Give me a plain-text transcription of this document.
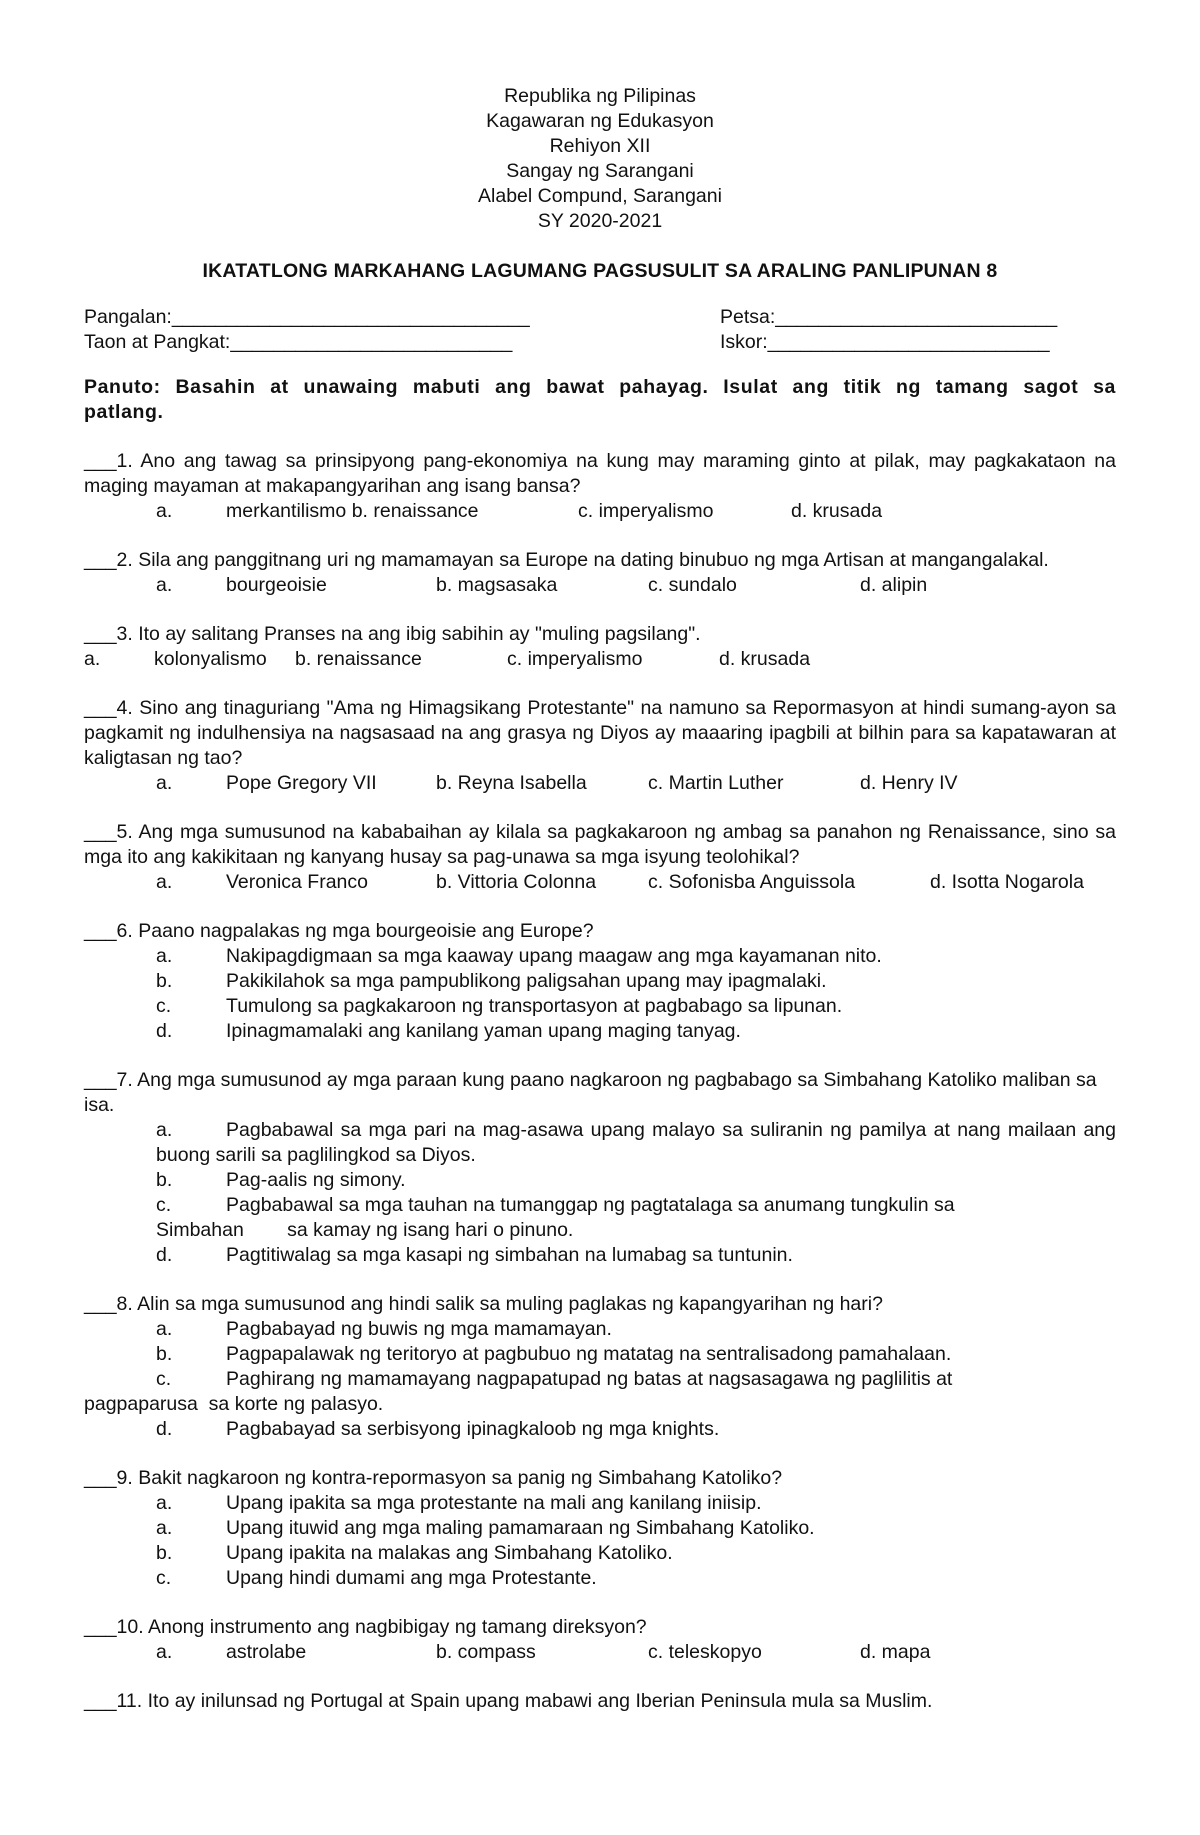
Republika ng Pilipinas
Kagawaran ng Edukasyon
Rehiyon XII
Sangay ng Sarangani
Alabel Compund, Sarangani
SY 2020-2021
IKATATLONG MARKAHANG LAGUMANG PAGSUSULIT SA ARALING PANLIPUNAN 8
Pangalan:_________________________________	Petsa:__________________________
Taon at Pangkat:__________________________	Iskor:__________________________
Panuto: Basahin at unawaing mabuti ang bawat pahayag. Isulat ang titik ng tamang sagot sa patlang.
___1. Ano ang tawag sa prinsipyong pang-ekonomiya na kung may maraming ginto at pilak, may pagkakataon na maging mayaman at makapangyarihan ang isang bansa?
a.	merkantilismo b. renaissance	c. imperyalismo	d. krusada
___2. Sila ang panggitnang uri ng mamamayan sa Europe na dating binubuo ng mga Artisan at mangangalakal.
a.	bourgeoisie	b. magsasaka	c. sundalo	d. alipin
___3. Ito ay salitang Pranses na ang ibig sabihin ay "muling pagsilang".
a.	kolonyalismo b. renaissance	c. imperyalismo	d. krusada
___4. Sino ang tinaguriang "Ama ng Himagsikang Protestante" na namuno sa Repormasyon at hindi sumang-ayon sa pagkamit ng indulhensiya na nagsasaad na ang grasya ng Diyos ay maaaring ipagbili at bilhin para sa kapatawaran at kaligtasan ng tao?
a.	Pope Gregory VII	b. Reyna Isabella	c. Martin Luther	d. Henry IV
___5. Ang mga sumusunod na kababaihan ay kilala sa pagkakaroon ng ambag sa panahon ng Renaissance, sino sa mga ito ang kakikitaan ng kanyang husay sa pag-unawa sa mga isyung teolohikal?
a.	Veronica Franco	b. Vittoria Colonna	c. Sofonisba Anguissola	d. Isotta Nogarola
___6. Paano nagpalakas ng mga bourgeoisie ang Europe?
a.	Nakipagdigmaan sa mga kaaway upang maagaw ang mga kayamanan nito.
b.	Pakikilahok sa mga pampublikong paligsahan upang may ipagmalaki.
c.	Tumulong sa pagkakaroon ng transportasyon at pagbabago sa lipunan.
d.	Ipinagmamalaki ang kanilang yaman upang maging tanyag.
___7. Ang mga sumusunod ay mga paraan kung paano nagkaroon ng pagbabago sa Simbahang Katoliko maliban sa isa.
a.	Pagbabawal sa mga pari na mag-asawa upang malayo sa suliranin ng pamilya at nang mailaan ang buong sarili sa paglilingkod sa Diyos.
b.	Pag-aalis ng simony.
c.	Pagbabawal sa mga tauhan na tumanggap ng pagtatalaga sa anumang tungkulin sa
Simbahan        sa kamay ng isang hari o pinuno.
d.	Pagtitiwalag sa mga kasapi ng simbahan na lumabag sa tuntunin.
___8. Alin sa mga sumusunod ang hindi salik sa muling paglakas ng kapangyarihan ng hari?
a.	Pagbabayad ng buwis ng mga mamamayan.
b.	Pagpapalawak ng teritoryo at pagbubuo ng matatag na sentralisadong pamahalaan.
c.	Paghirang ng mamamayang nagpapatupad ng batas at nagsasagawa ng paglilitis at
pagpaparusa  sa korte ng palasyo.
d.	Pagbabayad sa serbisyong ipinagkaloob ng mga knights.
___9. Bakit nagkaroon ng kontra-repormasyon sa panig ng Simbahang Katoliko?
a.	Upang ipakita sa mga protestante na mali ang kanilang iniisip.
a.	Upang ituwid ang mga maling pamamaraan ng Simbahang Katoliko.
b.	Upang ipakita na malakas ang Simbahang Katoliko.
c.	Upang hindi dumami ang mga Protestante.
___10. Anong instrumento ang nagbibigay ng tamang direksyon?
a.	astrolabe	b. compass	c. teleskopyo	d. mapa
___11. Ito ay inilunsad ng Portugal at Spain upang mabawi ang Iberian Peninsula mula sa Muslim.
